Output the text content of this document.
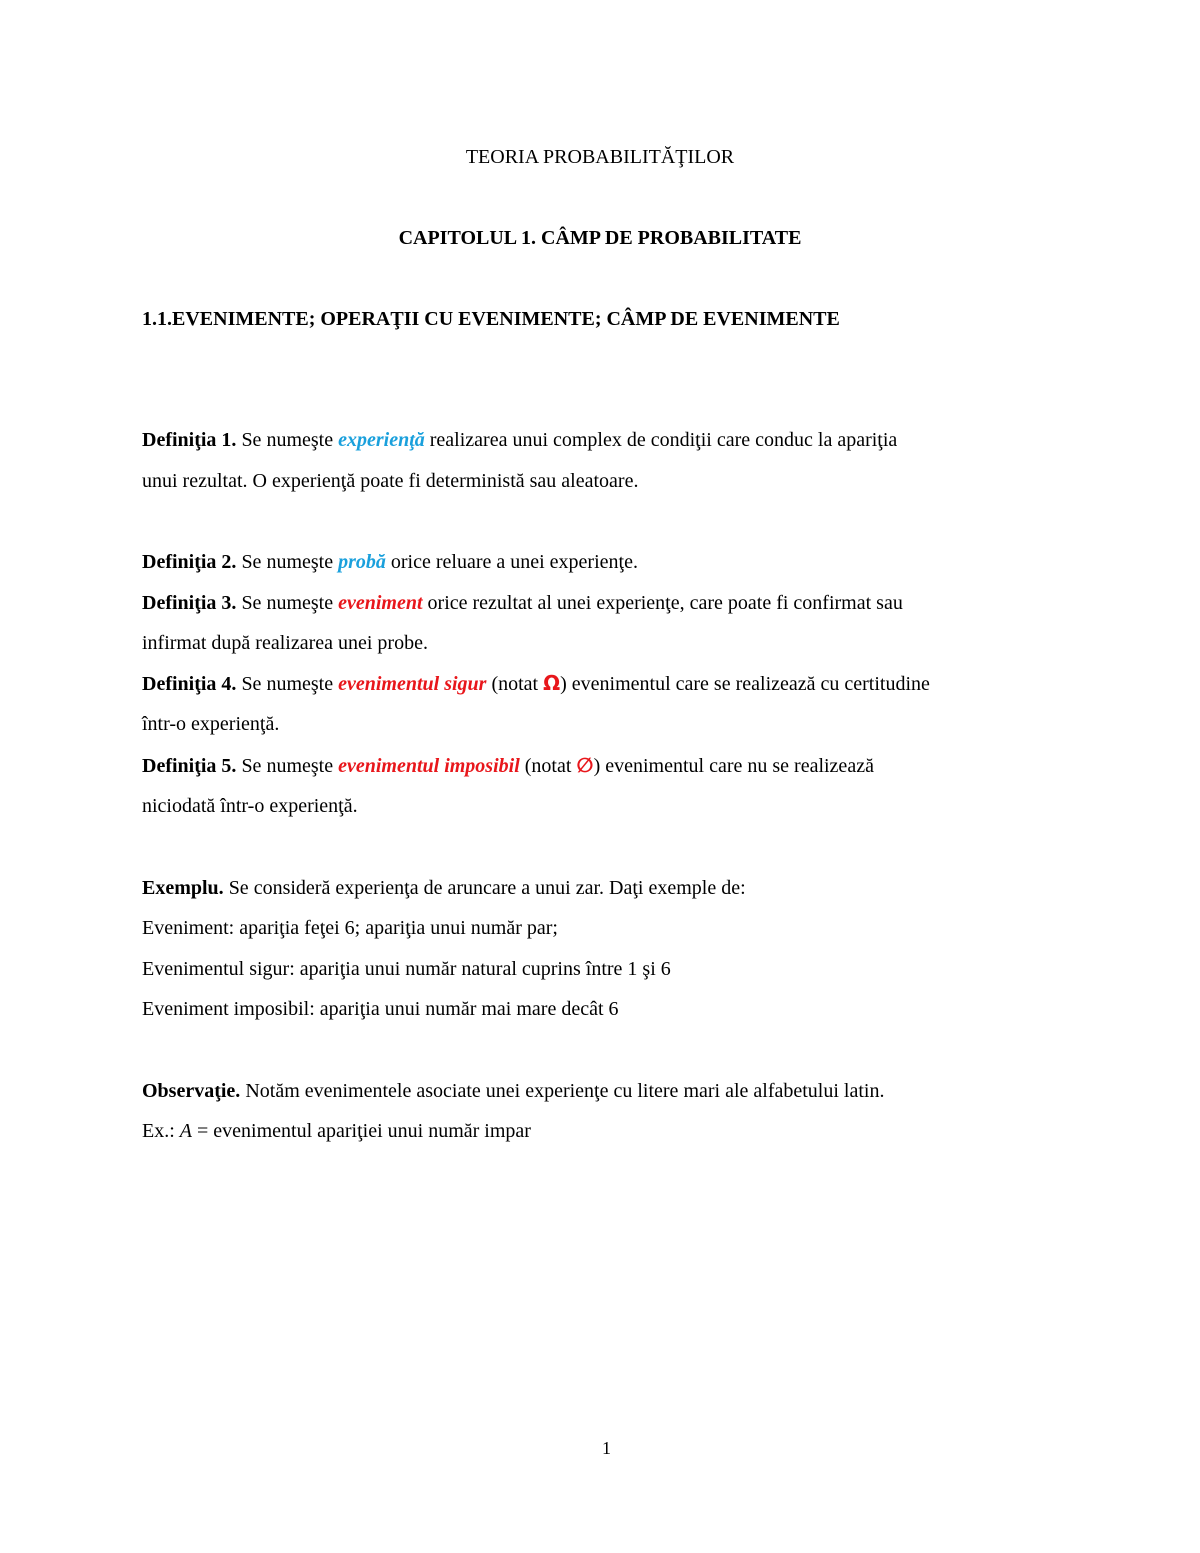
TEORIA PROBABILITĂŢILOR
CAPITOLUL 1. CÂMP DE PROBABILITATE
1.1.EVENIMENTE; OPERAŢII CU EVENIMENTE; CÂMP DE EVENIMENTE
Definiţia 1. Se numeşte experienţă realizarea unui complex de condiţii care conduc la apariţia
unui rezultat. O experienţă poate fi deterministă sau aleatoare.
Definiţia 2. Se numeşte probă orice reluare a unei experienţe.
Definiţia 3. Se numeşte eveniment orice rezultat al unei experienţe, care poate fi confirmat sau
infirmat după realizarea unei probe.
Definiţia 4. Se numeşte evenimentul sigur (notat Ω) evenimentul care se realizează cu certitudine
într-o experienţă.
Definiţia 5. Se numeşte evenimentul imposibil (notat ∅) evenimentul care nu se realizează
niciodată într-o experienţă.
Exemplu. Se consideră experienţa de aruncare a unui zar. Daţi exemple de:
Eveniment: apariţia feţei 6; apariţia unui număr par;
Evenimentul sigur: apariţia unui număr natural cuprins între 1 şi 6
Eveniment imposibil: apariţia unui număr mai mare decât 6
Observaţie. Notăm evenimentele asociate unei experienţe cu litere mari ale alfabetului latin.
Ex.: A = evenimentul apariţiei unui număr impar
1
